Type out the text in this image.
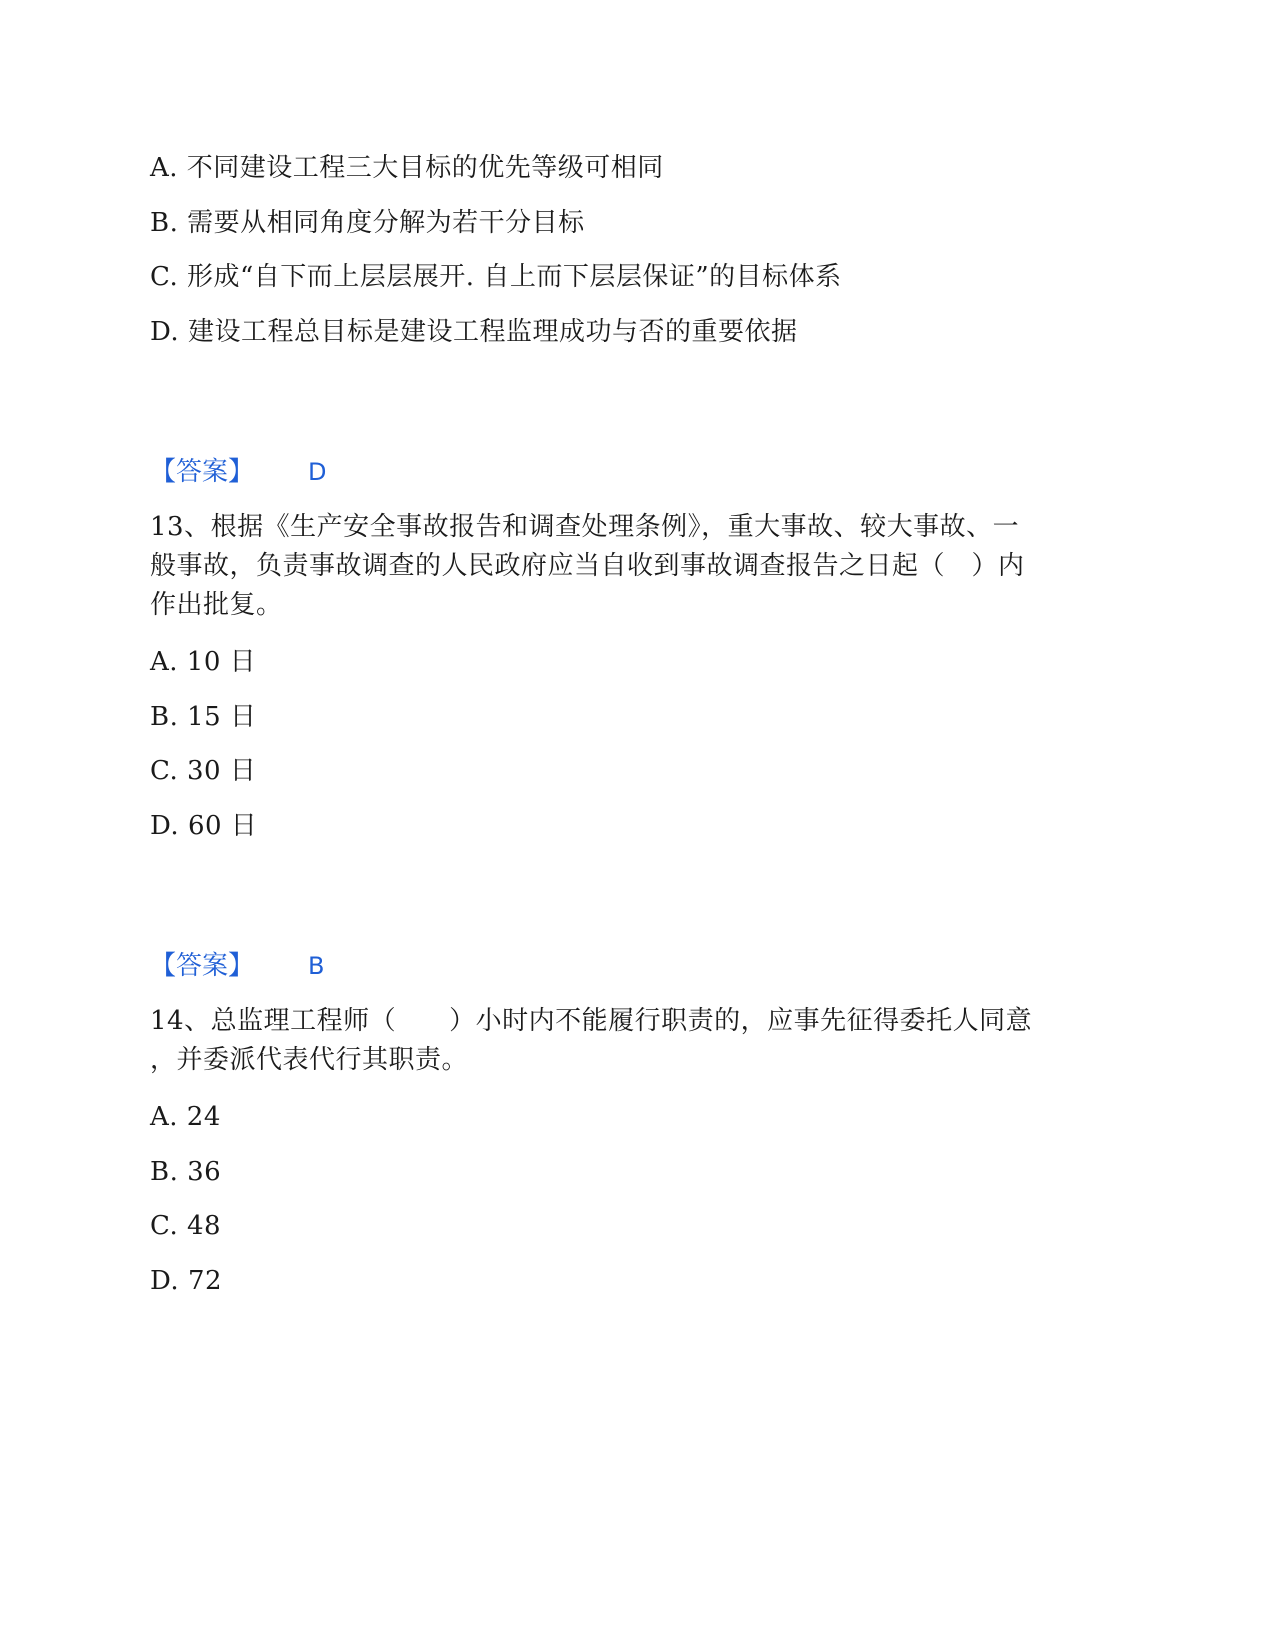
A. 不同建设工程三大目标的优先等级可相同
B. 需要从相同角度分解为若干分目标
C. 形成“自下而上层层展开. 自上而下层层保证”的目标体系
D. 建设工程总目标是建设工程监理成功与否的重要依据
【答案】 D
13、根据《生产安全事故报告和调查处理条例》，重大事故、较大事故、一
般事故，负责事故调查的人民政府应当自收到事故调查报告之日起（　）内
作出批复。
A. 10 日
B. 15 日
C. 30 日
D. 60 日
【答案】 B
14、总监理工程师（　　）小时内不能履行职责的，应事先征得委托人同意
，并委派代表代行其职责。
A. 24
B. 36
C. 48
D. 72
